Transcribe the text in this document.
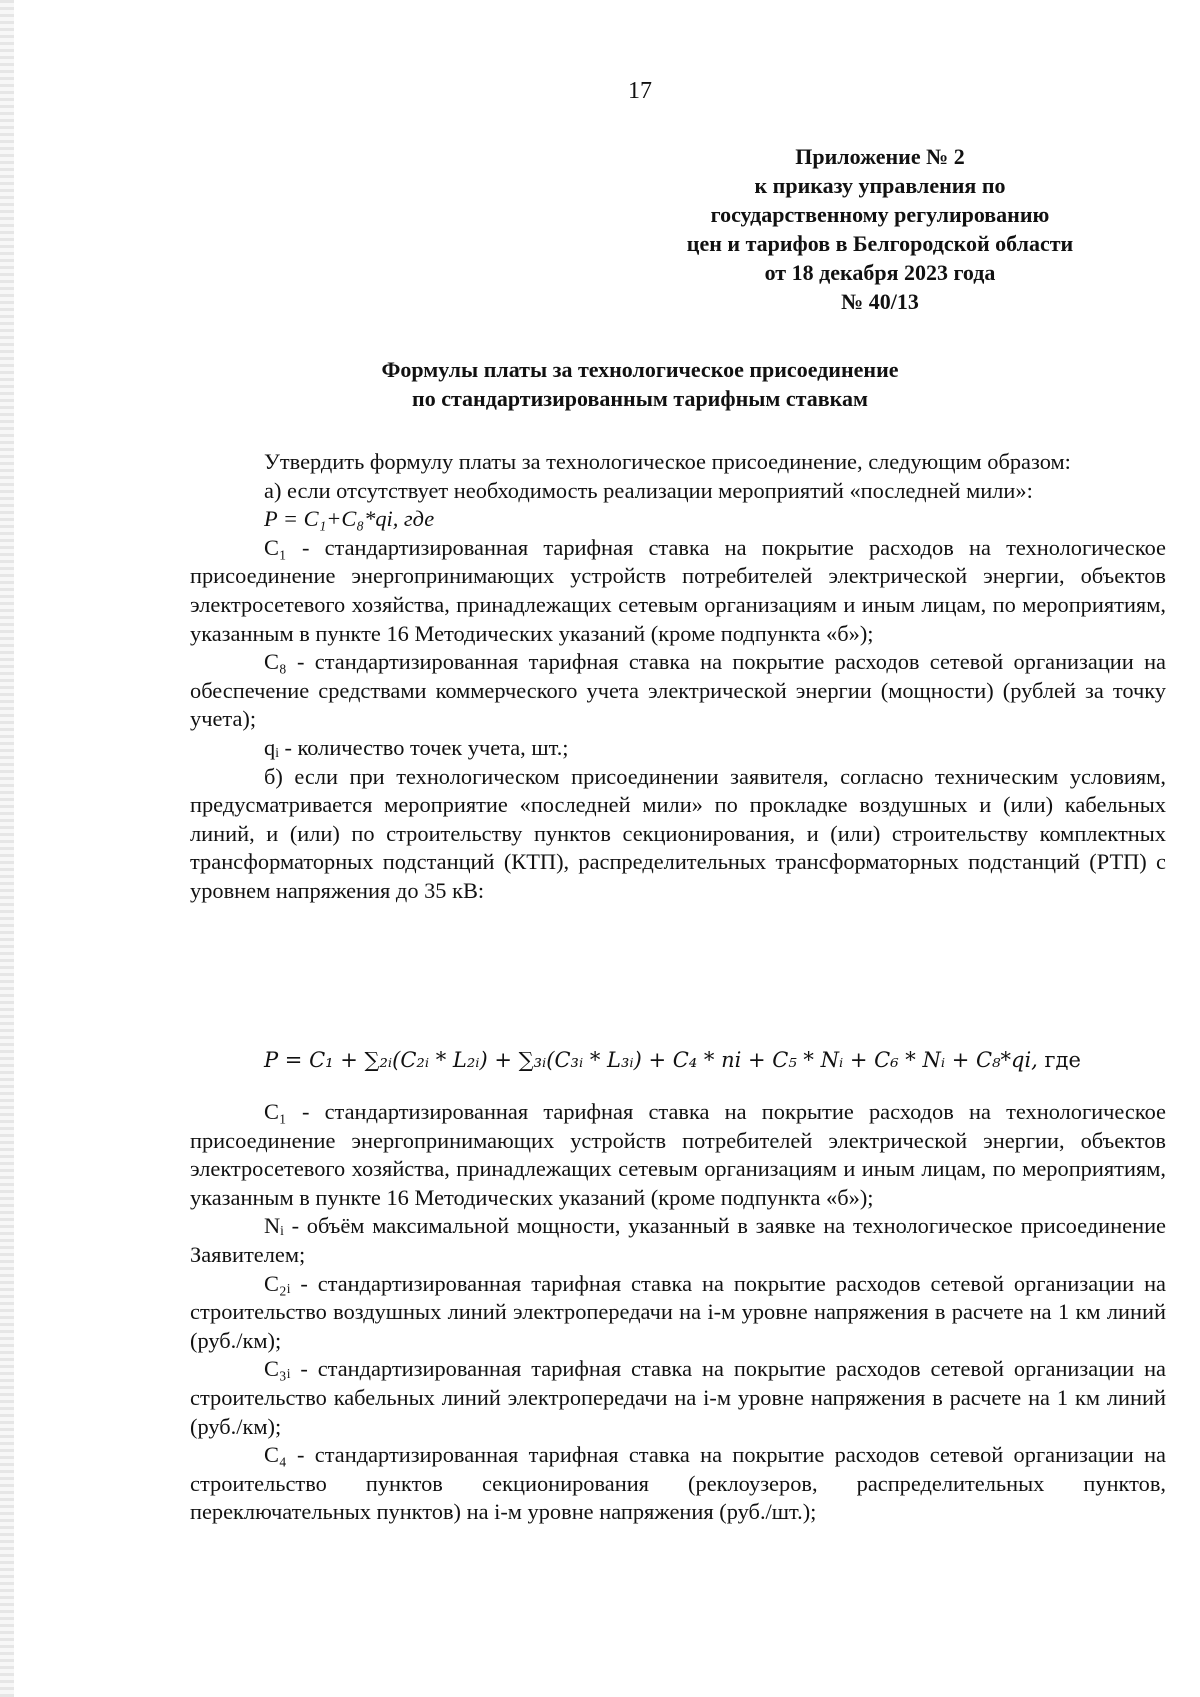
17
Приложение № 2
к приказу управления по
государственному регулированию
цен и тарифов в Белгородской области
от 18 декабря 2023 года
№ 40/13
Формулы платы за технологическое присоединение
по стандартизированным тарифным ставкам

Утвердить формулу платы за технологическое присоединение, следующим образом:

а) если отсутствует необходимость реализации мероприятий «последней мили»:

P = C₁+C₈*qi, где

C₁ - стандартизированная тарифная ставка на покрытие расходов на технологическое присоединение энергопринимающих устройств потребителей электрической энергии, объектов электросетевого хозяйства, принадлежащих сетевым организациям и иным лицам, по мероприятиям, указанным в пункте 16 Методических указаний (кроме подпункта «б»);

C₈ - стандартизированная тарифная ставка на покрытие расходов сетевой организации на обеспечение средствами коммерческого учета электрической энергии (мощности) (рублей за точку учета);

qᵢ - количество точек учета, шт.;

б) если при технологическом присоединении заявителя, согласно техническим условиям, предусматривается мероприятие «последней мили» по прокладке воздушных и (или) кабельных линий, и (или) по строительству пунктов секционирования, и (или) строительству комплектных трансформаторных подстанций (КТП), распределительных трансформаторных подстанций (РТП) с уровнем напряжения до 35 кВ:

P = C₁ + ∑₂ᵢ(C₂ᵢ * L₂ᵢ) + ∑₃ᵢ(C₃ᵢ * L₃ᵢ) + C₄ * ni + C₅ * Nᵢ + C₆ * Nᵢ + C₈*qi, где

C₁ - стандартизированная тарифная ставка на покрытие расходов на технологическое присоединение энергопринимающих устройств потребителей электрической энергии, объектов электросетевого хозяйства, принадлежащих сетевым организациям и иным лицам, по мероприятиям, указанным в пункте 16 Методических указаний (кроме подпункта «б»);

Nᵢ - объём максимальной мощности, указанный в заявке на технологическое присоединение Заявителем;

C₂ᵢ - стандартизированная тарифная ставка на покрытие расходов сетевой организации на строительство воздушных линий электропередачи на i-м уровне напряжения в расчете на 1 км линий (руб./км);

C₃ᵢ - стандартизированная тарифная ставка на покрытие расходов сетевой организации на строительство кабельных линий электропередачи на i-м уровне напряжения в расчете на 1 км линий (руб./км);

C₄ - стандартизированная тарифная ставка на покрытие расходов сетевой организации на строительство пунктов секционирования (реклоузеров, распределительных пунктов, переключательных пунктов) на i-м уровне напряжения (руб./шт.);
